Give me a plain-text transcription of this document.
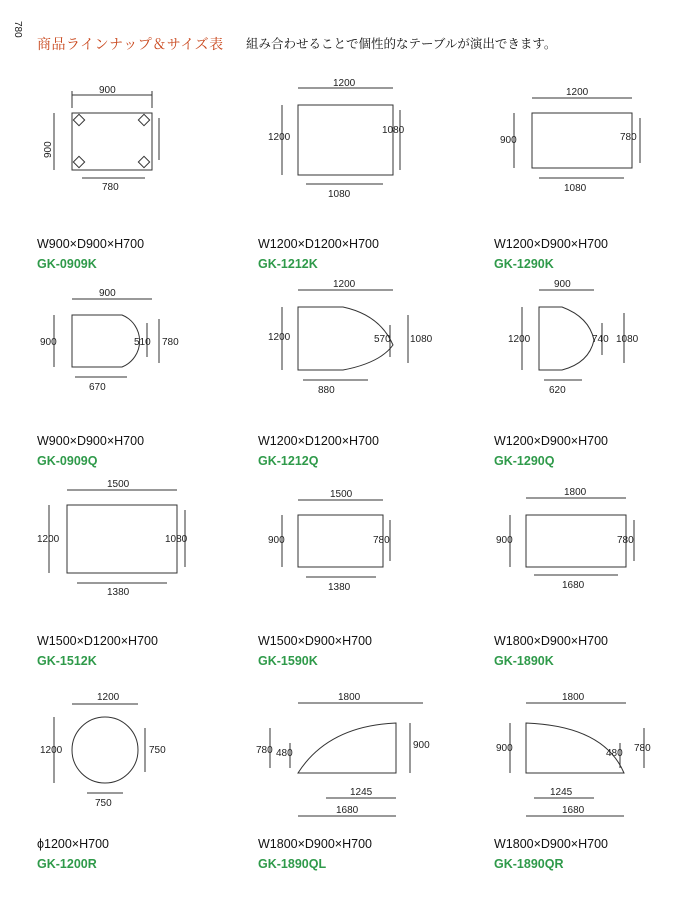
商品ラインナップ＆サイズ表 組み合わせることで個性的なテーブルが演出できます。
900
900
780
780
W900×D900×H700
GK-0909K
1200
1200
1080
1080
W1200×D1200×H700
GK-1212K
1200
900	780
1080
W1200×D900×H700
GK-1290K
900
900	510 780
670
W900×D900×H700
GK-0909Q
1200
1200	570 1080
880
W1200×D1200×H700
GK-1212Q
900
1200	740 1080
620
W1200×D900×H700
GK-1290Q
1500
1200	1080
1380
W1500×D1200×H700
GK-1512K
1500
900	780
1380
W1500×D900×H700
GK-1590K
1800
900	780
1680
W1800×D900×H700
GK-1890K
1200
1200	750
750
ϕ1200×H700
GK-1200R
1800
780 480
900
1245
1680
W1800×D900×H700
GK-1890QL
1800
900	480 780
1245
1680
W1800×D900×H700
GK-1890QR
